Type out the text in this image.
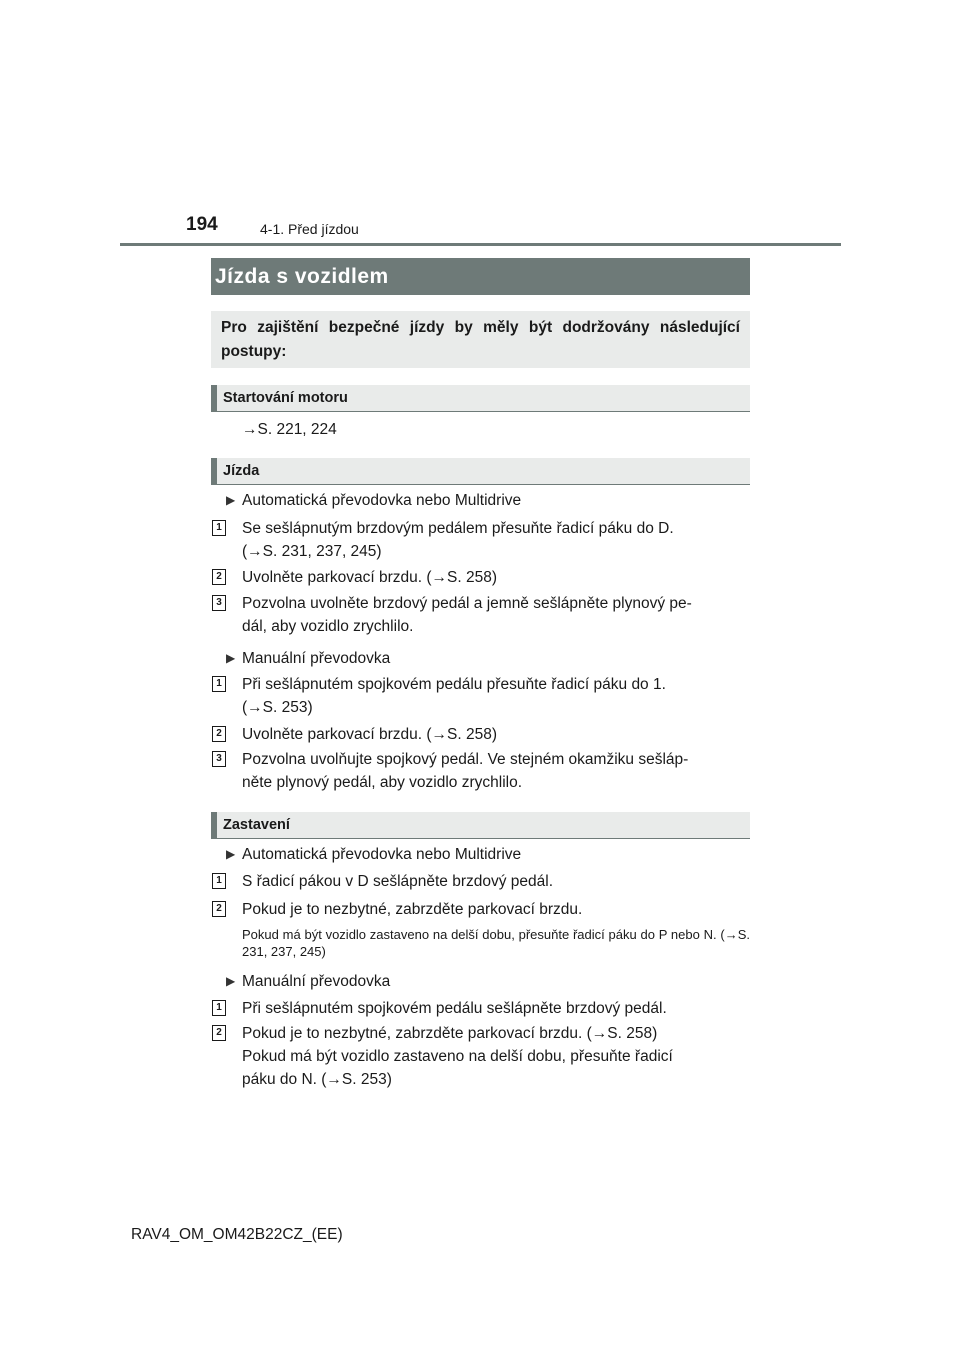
194	4-1. Před jízdou
Jízda s vozidlem
Pro zajištění bezpečné jízdy by měly být dodržovány následující postupy:
Startování motoru
→S. 221, 224
Jízda
▶ Automatická převodovka nebo Multidrive
1 Se sešlápnutým brzdovým pedálem přesuňte řadicí páku do D.
(→S. 231, 237, 245)
2 Uvolněte parkovací brzdu. (→S. 258)
3 Pozvolna uvolněte brzdový pedál a jemně sešlápněte plynový pe-
dál, aby vozidlo zrychlilo.
▶ Manuální převodovka
1 Při sešlápnutém spojkovém pedálu přesuňte řadicí páku do 1.
(→S. 253)
2 Uvolněte parkovací brzdu. (→S. 258)
3 Pozvolna uvolňujte spojkový pedál. Ve stejném okamžiku sešláp-
něte plynový pedál, aby vozidlo zrychlilo.
Zastavení
▶ Automatická převodovka nebo Multidrive
1 S řadicí pákou v D sešlápněte brzdový pedál.
2 Pokud je to nezbytné, zabrzděte parkovací brzdu.
Pokud má být vozidlo zastaveno na delší dobu, přesuňte řadicí páku do P nebo N. (→S. 231, 237, 245)
▶ Manuální převodovka
1 Při sešlápnutém spojkovém pedálu sešlápněte brzdový pedál.
2 Pokud je to nezbytné, zabrzděte parkovací brzdu. (→S. 258)
Pokud má být vozidlo zastaveno na delší dobu, přesuňte řadicí
páku do N. (→S. 253)
RAV4_OM_OM42B22CZ_(EE)
